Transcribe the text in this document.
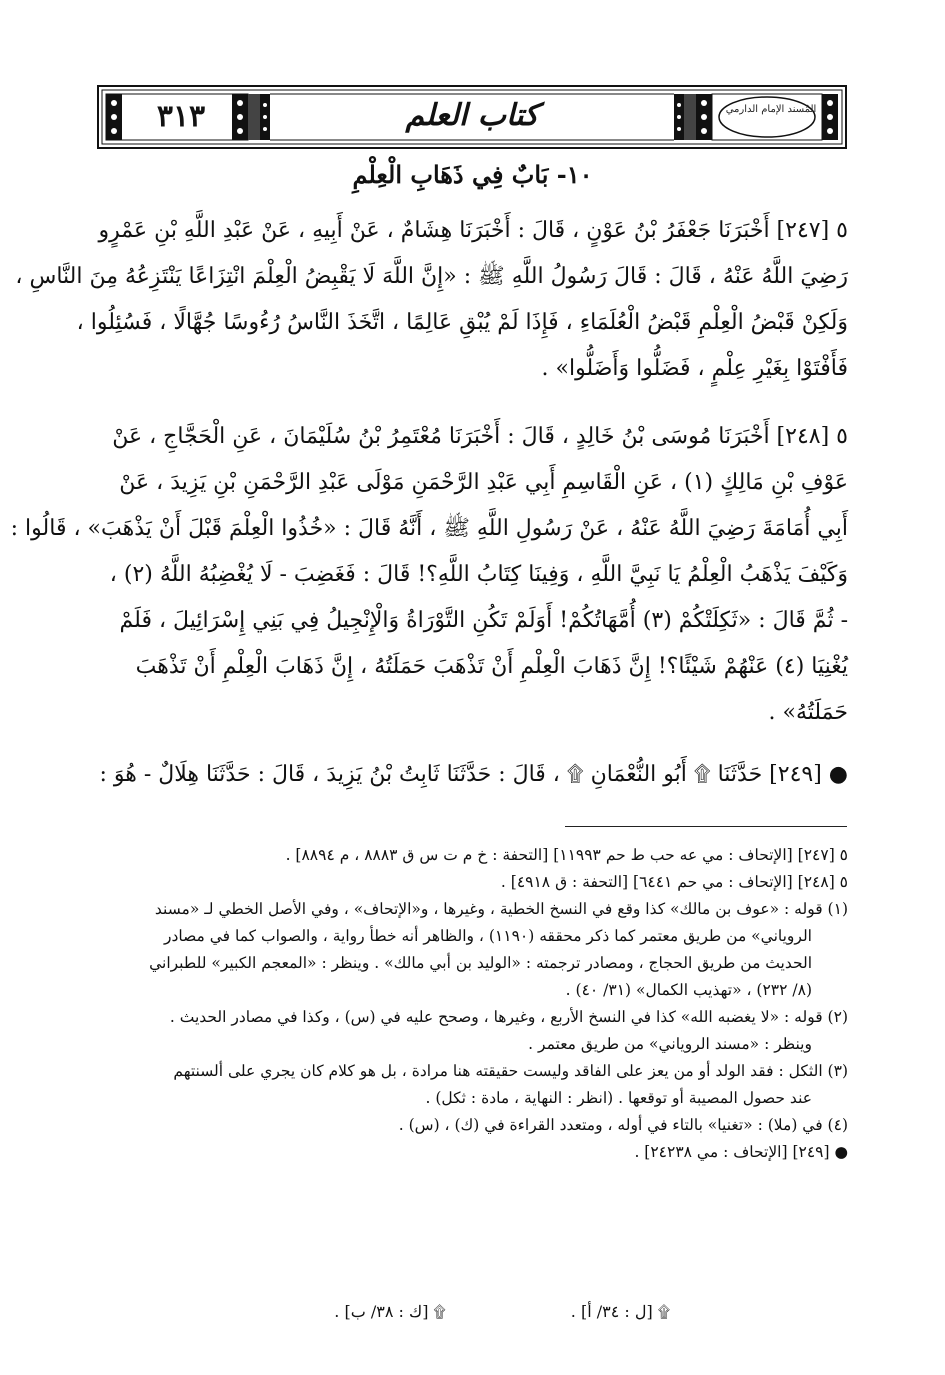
٣١٣	كتاب العلم	المُسند الإمام الدارمي
١٠- بَابٌ فِي ذَهَابِ الْعِلْمِ
٥ [٢٤٧] أَخْبَرَنَا جَعْفَرُ بْنُ عَوْنٍ ، قَالَ : أَخْبَرَنَا هِشَامٌ ، عَنْ أَبِيهِ ، عَنْ عَبْدِ اللَّهِ بْنِ عَمْرٍو
رَضِيَ اللَّهُ عَنْهُ ، قَالَ : قَالَ رَسُولُ اللَّهِ ﷺ : «إِنَّ اللَّهَ لَا يَقْبِضُ الْعِلْمَ انْتِزَاعًا يَنْتَزِعُهُ مِنَ النَّاسِ ،
وَلَكِنْ قَبْضُ الْعِلْمِ قَبْضُ الْعُلَمَاءِ ، فَإِذَا لَمْ يُبْقِ عَالِمًا ، اتَّخَذَ النَّاسُ رُءُوسًا جُهَّالًا ، فَسُئِلُوا ،
فَأَفْتَوْا بِغَيْرِ عِلْمٍ ، فَضَلُّوا وَأَضَلُّوا» .
٥ [٢٤٨] أَخْبَرَنَا مُوسَى بْنُ خَالِدٍ ، قَالَ : أَخْبَرَنَا مُعْتَمِرُ بْنُ سُلَيْمَانَ ، عَنِ الْحَجَّاجِ ، عَنْ
عَوْفِ بْنِ مَالِكٍ (١) ، عَنِ الْقَاسِمِ أَبِي عَبْدِ الرَّحْمَنِ مَوْلَى عَبْدِ الرَّحْمَنِ بْنِ يَزِيدَ ، عَنْ
أَبِي أُمَامَةَ رَضِيَ اللَّهُ عَنْهُ ، عَنْ رَسُولِ اللَّهِ ﷺ ، أَنَّهُ قَالَ : «خُذُوا الْعِلْمَ قَبْلَ أَنْ يَذْهَبَ» ، قَالُوا :
وَكَيْفَ يَذْهَبُ الْعِلْمُ يَا نَبِيَّ اللَّهِ ، وَفِينَا كِتَابُ اللَّهِ؟! قَالَ : فَغَضِبَ - لَا يُغْضِبُهُ اللَّهُ (٢) ،
- ثُمَّ قَالَ : «ثَكِلَتْكُمْ (٣) أُمَّهَاتُكُمْ! أَوَلَمْ تَكُنِ التَّوْرَاةُ وَالْإِنْجِيلُ فِي بَنِي إِسْرَائِيلَ ، فَلَمْ
يُغْنِيَا (٤) عَنْهُمْ شَيْئًا؟! إِنَّ ذَهَابَ الْعِلْمِ أَنْ تَذْهَبَ حَمَلَتُهُ ، إِنَّ ذَهَابَ الْعِلْمِ أَنْ تَذْهَبَ
حَمَلَتُهُ» .
● [٢٤٩] حَدَّثَنَا ۩ أَبُو النُّعْمَانِ ۩ ، قَالَ : حَدَّثَنَا ثَابِتُ بْنُ يَزِيدَ ، قَالَ : حَدَّثَنَا هِلَالٌ - هُوَ :
٥ [٢٤٧] [الإتحاف : مي عه حب ط حم ١١٩٩٣] [التحفة : خ م ت س ق ٨٨٨٣ ، م ٨٨٩٤] .
٥ [٢٤٨] [الإتحاف : مي حم ٦٤٤١] [التحفة : ق ٤٩١٨] .
(١) قوله : «عوف بن مالك» كذا وقع في النسخ الخطية ، وغيرها ، و«الإتحاف» ، وفي الأصل الخطي لـ «مسند
الروياني» من طريق معتمر كما ذكر محققه (١١٩٠) ، والظاهر أنه خطأ رواية ، والصواب كما في مصادر
الحديث من طريق الحجاج ، ومصادر ترجمته : «الوليد بن أبي مالك» . وينظر : «المعجم الكبير» للطبراني
(٨/ ٢٣٢) ، «تهذيب الكمال» (٣١/ ٤٠) .
(٢) قوله : «لا يغضبه الله» كذا في النسخ الأربع ، وغيرها ، وصحح عليه في (س) ، وكذا في مصادر الحديث .
وينظر : «مسند الروياني» من طريق معتمر .
(٣) الثكل : فقد الولد أو من يعز على الفاقد وليست حقيقته هنا مرادة ، بل هو كلام كان يجري على ألسنتهم
عند حصول المصيبة أو توقعها . (انظر : النهاية ، مادة : ثكل) .
(٤) في (ملا) : «تغنيا» بالتاء في أوله ، ومتعدد القراءة في (ك) ، (س) .
● [٢٤٩] [الإتحاف : مي ٢٤٢٣٨] .
۩ [ل : ٣٤/ أ] . ۩ [ك : ٣٨/ ب] .
